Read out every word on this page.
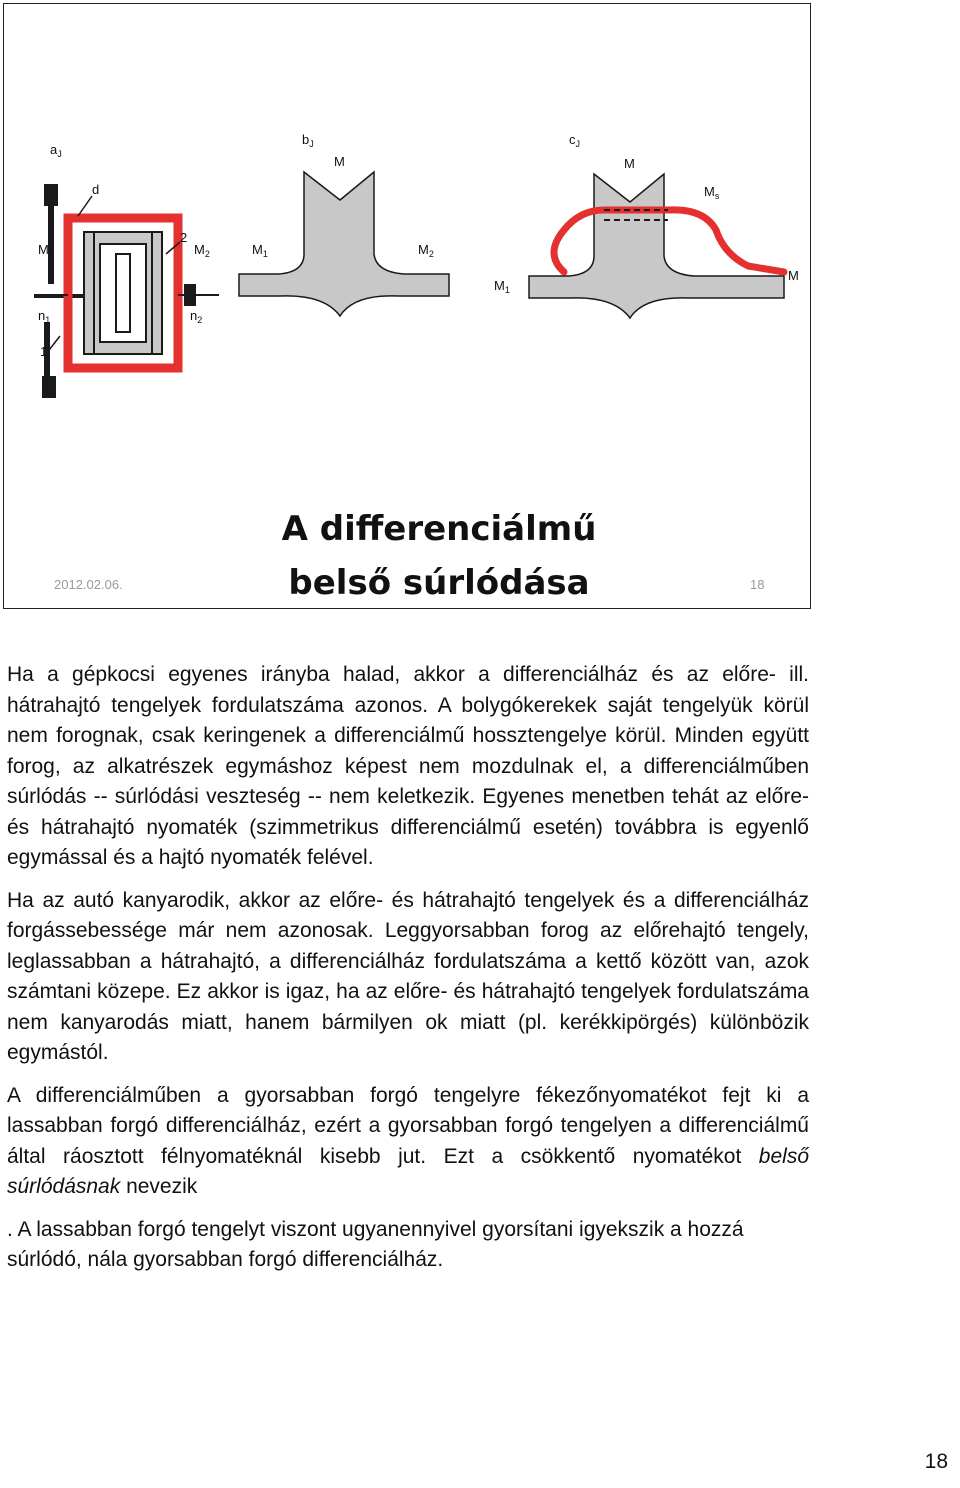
$a_J$
d
$M_1$
2
$M_2$
$n_1$	$n_2$
1
$b_J$
M
$M_1$	$M_2$
$c_J$
M
$M_s$
$M_1$
M
A differenciálmű
belső súrlódása
2012.02.06.	18

Ha a gépkocsi egyenes irányba halad, akkor a differenciálház és az előre- ill. hátrahajtó tengelyek fordulatszáma azonos. A bolygókerekek saját tengelyük körül nem forognak, csak keringenek a differenciálmű hossztengelye körül. Minden együtt forog, az alkatrészek egymáshoz képest nem mozdulnak el, a differenciálműben súrlódás -- súrlódási veszteség -- nem keletkezik. Egyenes menetben tehát az előre- és hátrahajtó nyomaték (szimmetrikus differenciálmű esetén) továbbra is egyenlő egymással és a hajtó nyomaték felével.

Ha az autó kanyarodik, akkor az előre- és hátrahajtó tengelyek és a differenciálház forgássebessége már nem azonosak. Leggyorsabban forog az előrehajtó tengely, leglassabban a hátrahajtó, a differenciálház fordulatszáma a kettő között van, azok számtani közepe. Ez akkor is igaz, ha az előre- és hátrahajtó tengelyek fordulatszáma nem kanyarodás miatt, hanem bármilyen ok miatt (pl. kerékkipörgés) különbözik egymástól.

A differenciálműben a gyorsabban forgó tengelyre fékezőnyomatékot fejt ki a lassabban forgó differenciálház, ezért a gyorsabban forgó tengelyen a differenciálmű által ráosztott félnyomatéknál kisebb jut. Ezt a csökkentő nyomatékot belső súrlódásnak nevezik

. A lassabban forgó tengelyt viszont ugyanennyivel gyorsítani igyekszik a hozzá súrlódó, nála gyorsabban forgó differenciálház.

18
